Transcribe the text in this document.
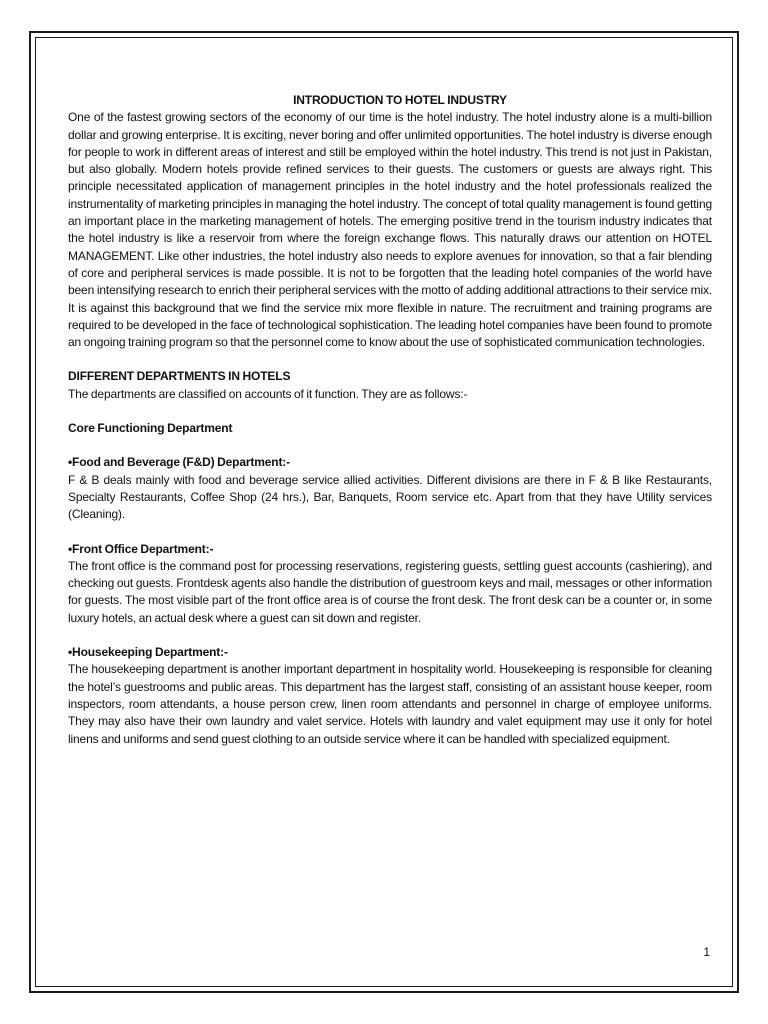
INTRODUCTION TO HOTEL INDUSTRY

One of the fastest growing sectors of the economy of our time is the hotel industry. The hotel industry alone is a multi-billion dollar and growing enterprise. It is exciting, never boring and offer unlimited opportunities. The hotel industry is diverse enough for people to work in different areas of interest and still be employed within the hotel industry. This trend is not just in Pakistan, but also globally. Modern hotels provide refined services to their guests. The customers or guests are always right. This principle necessitated application of management principles in the hotel industry and the hotel professionals realized the instrumentality of marketing principles in managing the hotel industry. The concept of total quality management is found getting an important place in the marketing management of hotels. The emerging positive trend in the tourism industry indicates that the hotel industry is like a reservoir from where the foreign exchange flows. This naturally draws our attention on HOTEL MANAGEMENT. Like other industries, the hotel industry also needs to explore avenues for innovation, so that a fair blending of core and peripheral services is made possible. It is not to be forgotten that the leading hotel companies of the world have been intensifying research to enrich their peripheral services with the motto of adding additional attractions to their service mix. It is against this background that we find the service mix more flexible in nature. The recruitment and training programs are required to be developed in the face of technological sophistication. The leading hotel companies have been found to promote an ongoing training program so that the personnel come to know about the use of sophisticated communication technologies.

DIFFERENT DEPARTMENTS IN HOTELS

The departments are classified on accounts of it function. They are as follows:-

Core Functioning Department

•Food and Beverage (F&D) Department:-

F & B deals mainly with food and beverage service allied activities. Different divisions are there in F & B like Restaurants, Specialty Restaurants, Coffee Shop (24 hrs.), Bar, Banquets, Room service etc. Apart from that they have Utility services (Cleaning).

•Front Office Department:-

The front office is the command post for processing reservations, registering guests, settling guest accounts (cashiering), and checking out guests. Frontdesk agents also handle the distribution of guestroom keys and mail, messages or other information for guests. The most visible part of the front office area is of course the front desk. The front desk can be a counter or, in some luxury hotels, an actual desk where a guest can sit down and register.

•Housekeeping Department:-

The housekeeping department is another important department in hospitality world. Housekeeping is responsible for cleaning the hotel’s guestrooms and public areas. This department has the largest staff, consisting of an assistant house keeper, room inspectors, room attendants, a house person crew, linen room attendants and personnel in charge of employee uniforms. They may also have their own laundry and valet service. Hotels with laundry and valet equipment may use it only for hotel linens and uniforms and send guest clothing to an outside service where it can be handled with specialized equipment.

1
